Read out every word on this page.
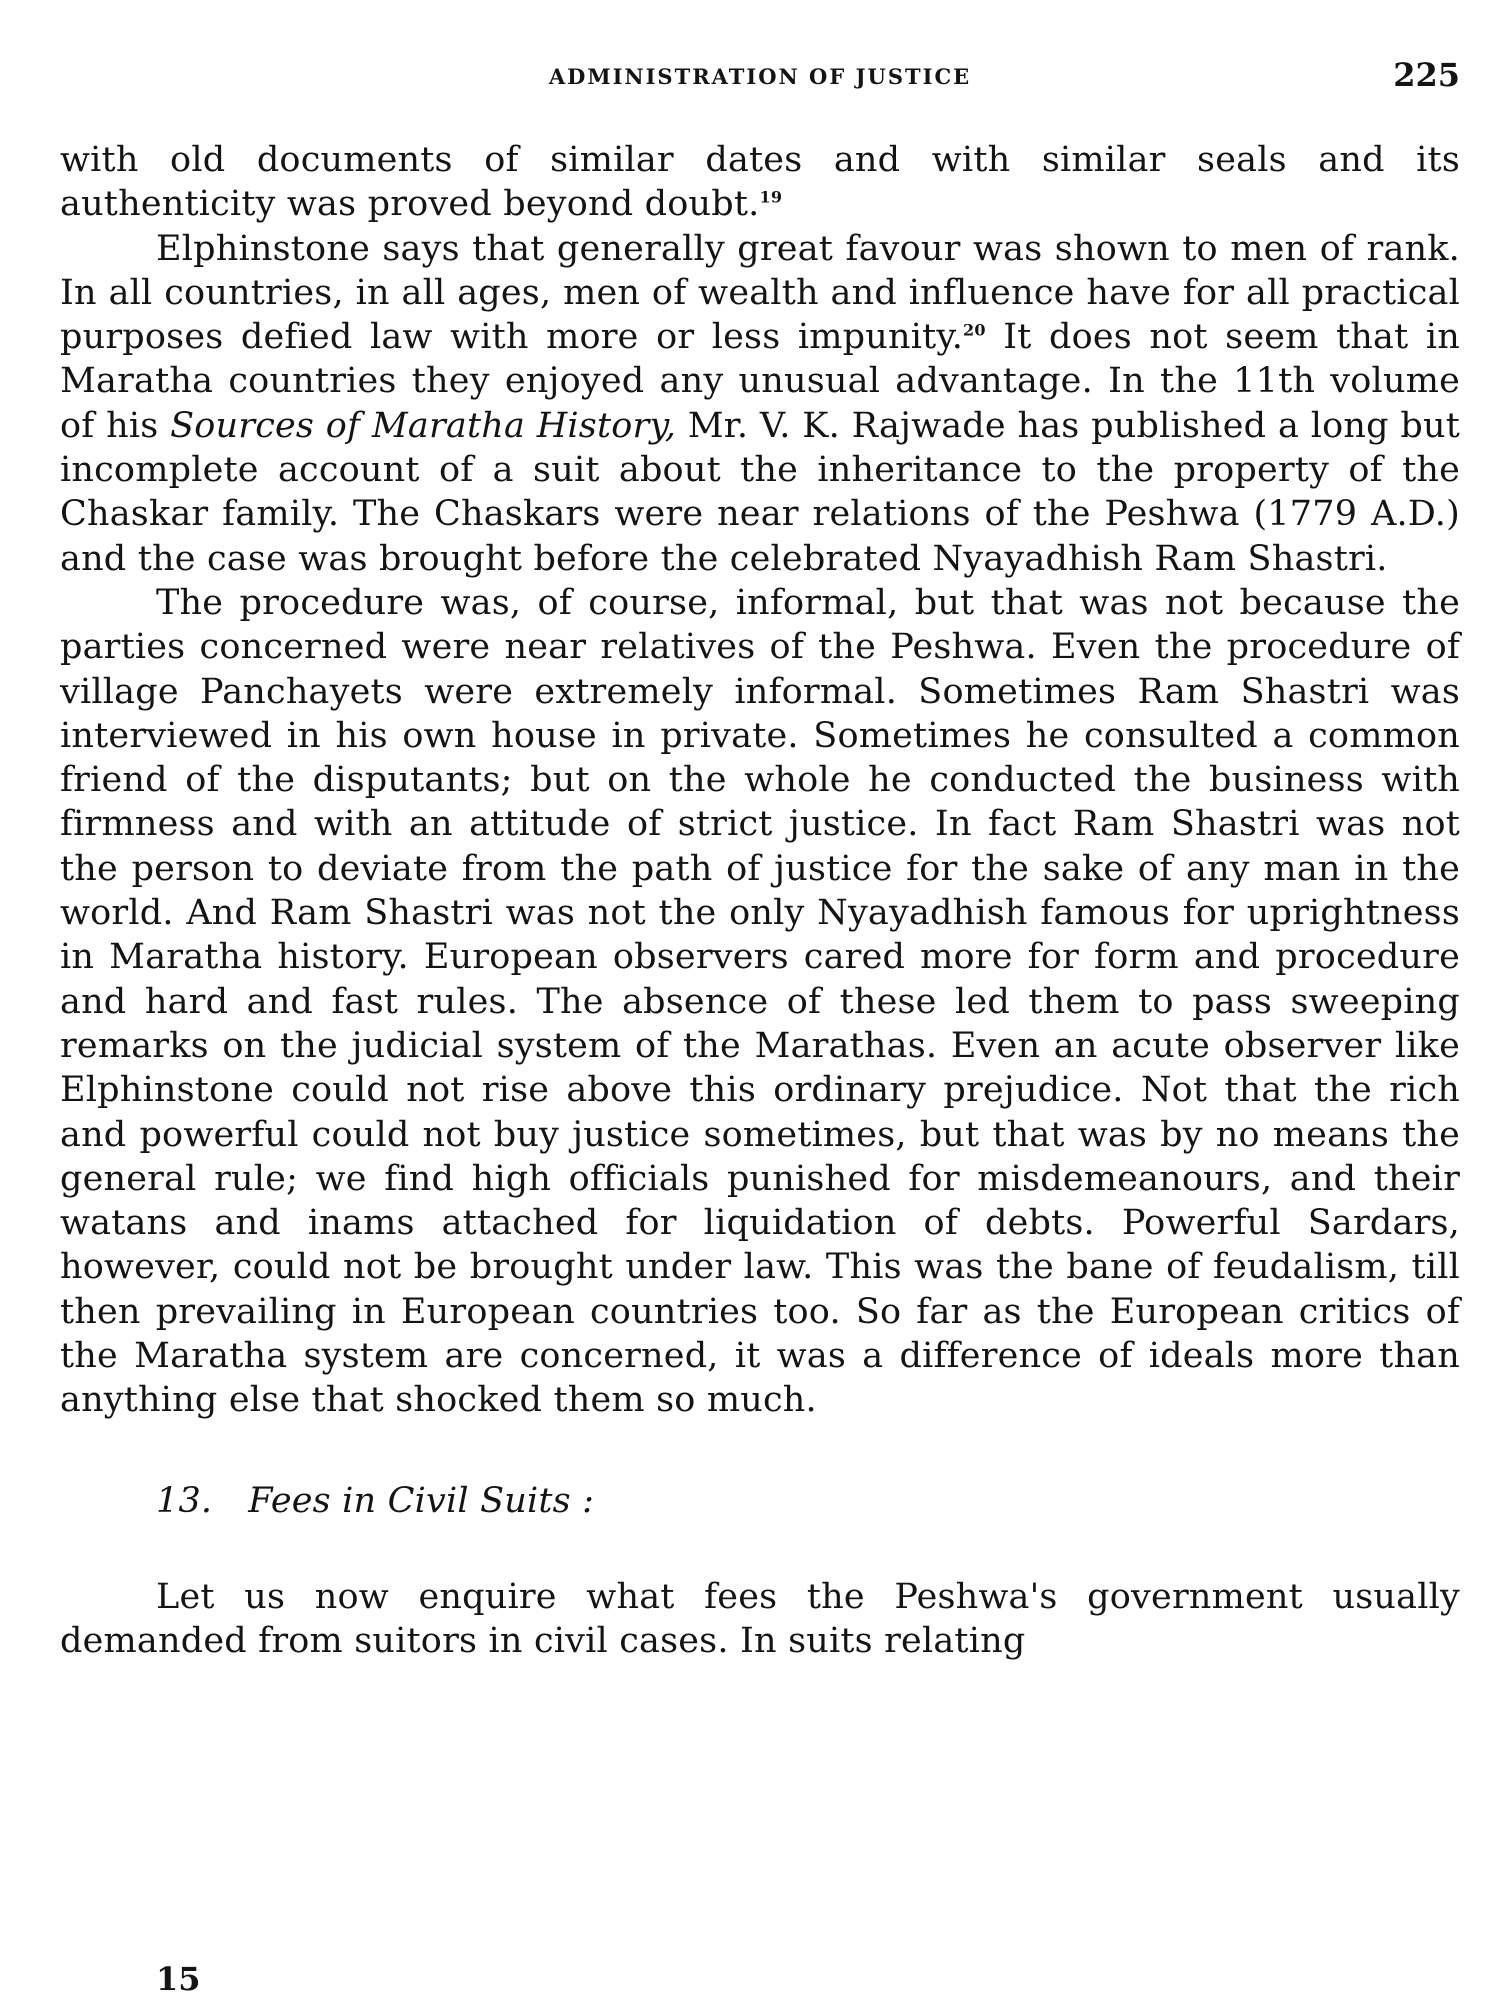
ADMINISTRATION OF JUSTICE	225

with old documents of similar dates and with similar seals and its authenticity was proved beyond doubt.$^{19}$

Elphinstone says that generally great favour was shown to men of rank. In all countries, in all ages, men of wealth and influence have for all practical purposes defied law with more or less impunity.$^{20}$ It does not seem that in Maratha countries they enjoyed any unusual advantage. In the 11th volume of his Sources of Maratha History, Mr. V. K. Rajwade has published a long but incomplete account of a suit about the inheritance to the property of the Chaskar family. The Chaskars were near relations of the Peshwa (1779 A.D.) and the case was brought before the celebrated Nyayadhish Ram Shastri.

The procedure was, of course, informal, but that was not because the parties concerned were near relatives of the Peshwa. Even the procedure of village Panchayets were extremely informal. Sometimes Ram Shastri was interviewed in his own house in private. Sometimes he consulted a common friend of the disputants; but on the whole he conducted the business with firmness and with an attitude of strict justice. In fact Ram Shastri was not the person to deviate from the path of justice for the sake of any man in the world. And Ram Shastri was not the only Nyayadhish famous for uprightness in Maratha history. European observers cared more for form and procedure and hard and fast rules. The absence of these led them to pass sweeping remarks on the judicial system of the Marathas. Even an acute observer like Elphinstone could not rise above this ordinary prejudice. Not that the rich and powerful could not buy justice sometimes, but that was by no means the general rule; we find high officials punished for misdemeanours, and their watans and inams attached for liquidation of debts. Powerful Sardars, however, could not be brought under law. This was the bane of feudalism, till then prevailing in European countries too. So far as the European critics of the Maratha system are concerned, it was a difference of ideals more than anything else that shocked them so much.

13. Fees in Civil Suits :

Let us now enquire what fees the Peshwa's government usually demanded from suitors in civil cases. In suits relating

15
